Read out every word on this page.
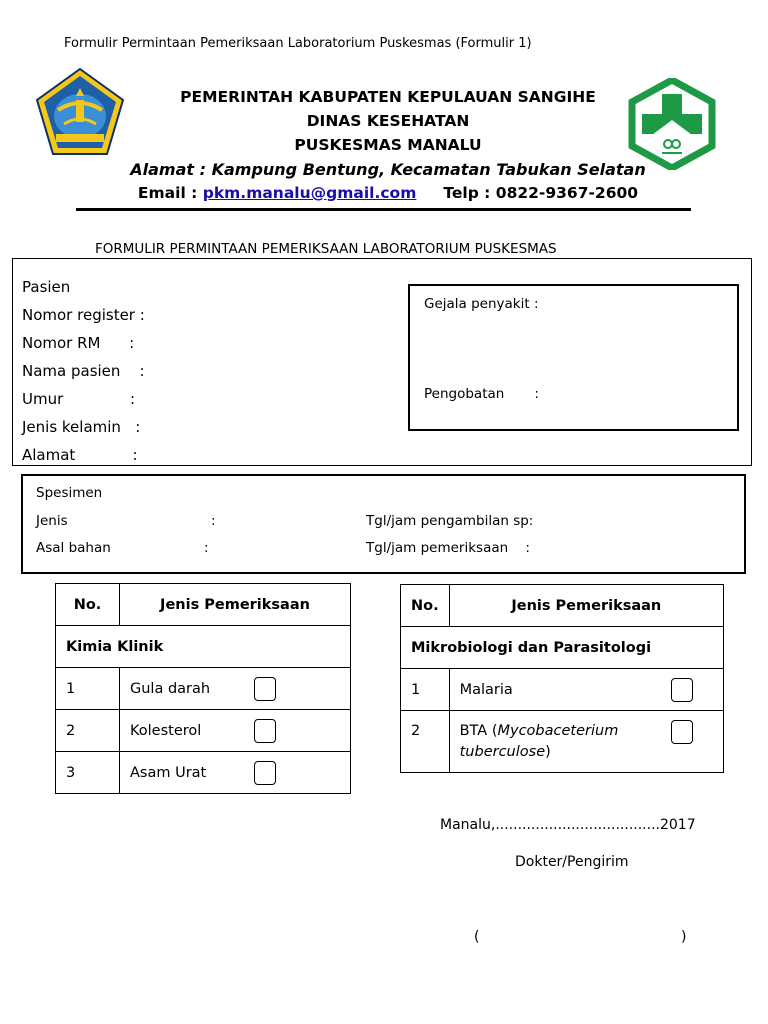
Formulir Permintaan Pemeriksaan Laboratorium Puskesmas (Formulir 1)
PEMERINTAH KABUPATEN KEPULAUAN SANGIHE
DINAS KESEHATAN
PUSKESMAS MANALU
Alamat : Kampung Bentung, Kecamatan Tabukan Selatan
Email : pkm.manalu@gmail.com Telp : 0822-9367-2600
FORMULIR PERMINTAAN PEMERIKSAAN LABORATORIUM PUSKESMAS
Pasien
Nomor register :
Nomor RM      :
Nama pasien    :
Umur              :
Jenis kelamin   :
Alamat            :
Gejala penyakit :
Pengobatan       :
Spesimen
Jenis	:
Asal bahan	:
Tgl/jam pengambilan sp:
Tgl/jam pemeriksaan    :
No.	Jenis Pemeriksaan
Kimia Klinik	
1	Gula darah

2	Kolesterol

3	Asam Urat
No.	Jenis Pemeriksaan
Mikrobiologi dan Parasitologi	
1	Malaria

2	BTA (Mycobaceterium
tuberculose)
Manalu,.....................................2017
Dokter/Pengirim
(	)
